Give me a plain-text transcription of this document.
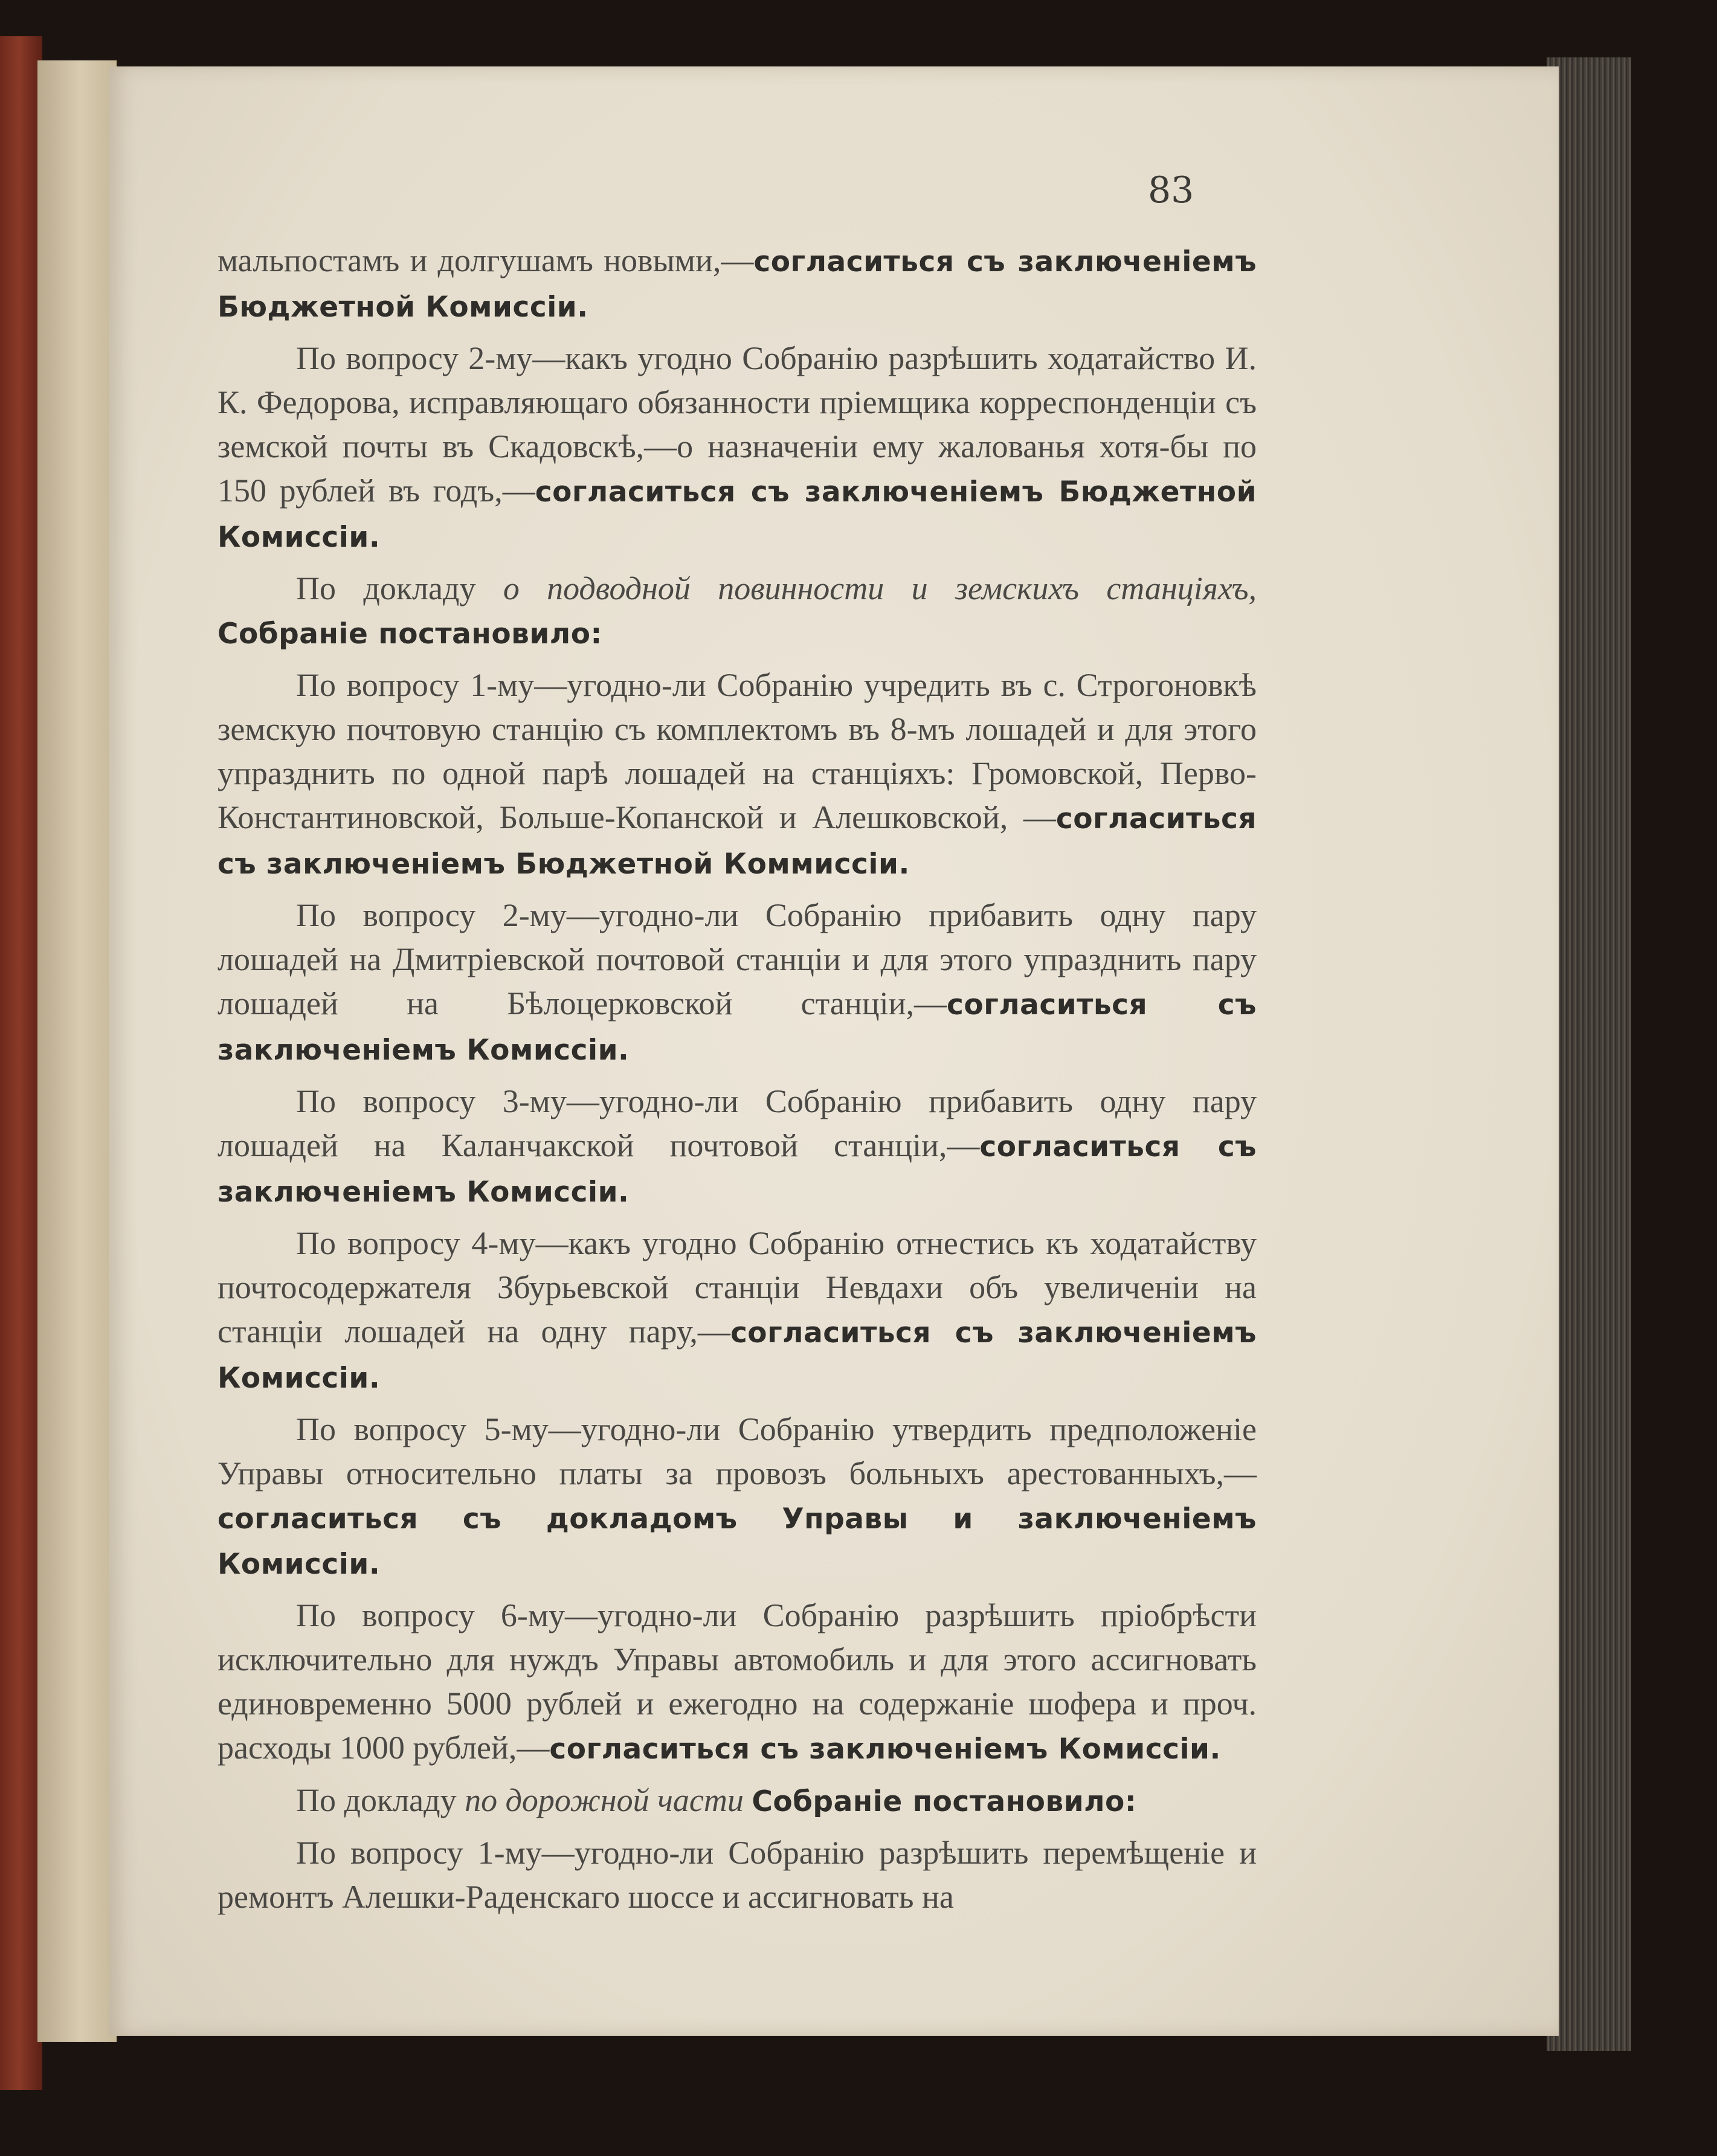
83

мальпостамъ и долгушамъ новыми,—согласиться съ заключеніемъ Бюджетной Комиссіи.

По вопросу 2-му—какъ угодно Собранію разрѣшить ходатайство И. К. Федорова, исправляющаго обязанности пріемщика корреспонденціи съ земской почты въ Скадовскѣ,—о назначеніи ему жалованья хотя-бы по 150 рублей въ годъ,—согласиться съ заключеніемъ Бюджетной Комиссіи.

По докладу о подводной повинности и земскихъ станціяхъ, Собраніе постановило:

По вопросу 1-му—угодно-ли Собранію учредить въ с. Строгоновкѣ земскую почтовую станцію съ комплектомъ въ 8-мъ лошадей и для этого упразднить по одной парѣ лошадей на станціяхъ: Громовской, Перво-Константиновской, Больше-Копанской и Алешковской, —согласиться съ заключеніемъ Бюджетной Коммиссіи.

По вопросу 2-му—угодно-ли Собранію прибавить одну пару лошадей на Дмитріевской почтовой станціи и для этого упразднить пару лошадей на Бѣлоцерковской станціи,—согласиться съ заключеніемъ Комиссіи.

По вопросу 3-му—угодно-ли Собранію прибавить одну пару лошадей на Каланчакской почтовой станціи,—согласиться съ заключеніемъ Комиссіи.

По вопросу 4-му—какъ угодно Собранію отнестись къ ходатайству почтосодержателя Збурьевской станціи Невдахи объ увеличеніи на станціи лошадей на одну пару,—согласиться съ заключеніемъ Комиссіи.

По вопросу 5-му—угодно-ли Собранію утвердить предположеніе Управы относительно платы за провозъ больныхъ арестованныхъ,—согласиться съ докладомъ Управы и заключеніемъ Комиссіи.

По вопросу 6-му—угодно-ли Собранію разрѣшить пріобрѣсти исключительно для нуждъ Управы автомобиль и для этого ассигновать единовременно 5000 рублей и ежегодно на содержаніе шофера и проч. расходы 1000 рублей,—согласиться съ заключеніемъ Комиссіи.

По докладу по дорожной части Собраніе постановило:

По вопросу 1-му—угодно-ли Собранію разрѣшить перемѣщеніе и ремонтъ Алешки-Раденскаго шоссе и ассигновать на
